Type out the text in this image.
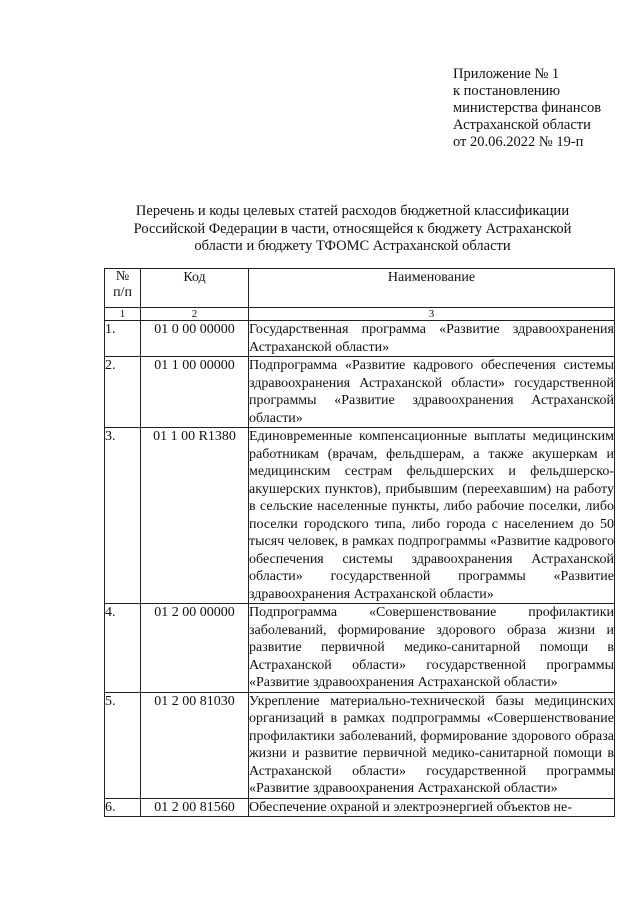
Приложение № 1
к постановлению
министерства финансов
Астраханской области
от 20.06.2022 № 19-п
Перечень и коды целевых статей расходов бюджетной классификации
Российской Федерации в части, относящейся к бюджету Астраханской
области и бюджету ТФОМС Астраханской области
№
п/п	Код	Наименование
1	2	3
1.	01 0 00 00000	Государственная программа «Развитие здравоохранения Астраханской области»
2.	01 1 00 00000	Подпрограмма «Развитие кадрового обеспечения системы здравоохранения Астраханской области» государственной программы «Развитие здравоохранения Астраханской области»
3.	01 1 00 R1380	Единовременные компенсационные выплаты медицинским работникам (врачам, фельдшерам, а также акушеркам и медицинским сестрам фельдшерских и фельдшерско-акушерских пунктов), прибывшим (переехавшим) на работу в сельские населенные пункты, либо рабочие поселки, либо поселки городского типа, либо города с населением до 50 тысяч человек, в рамках подпрограммы «Развитие кадрового обеспечения системы здравоохранения Астраханской области» государственной программы «Развитие здравоохранения Астраханской области»
4.	01 2 00 00000	Подпрограмма «Совершенствование профилактики заболеваний, формирование здорового образа жизни и развитие первичной медико-санитарной помощи в Астраханской области» государственной программы «Развитие здравоохранения Астраханской области»
5.	01 2 00 81030	Укрепление материально-технической базы медицинских организаций в рамках подпрограммы «Совершенствование профилактики заболеваний, формирование здорового образа жизни и развитие первичной медико-санитарной помощи в Астраханской области» государственной программы «Развитие здравоохранения Астраханской области»
6.	01 2 00 81560	Обеспечение охраной и электроэнергией объектов не-
